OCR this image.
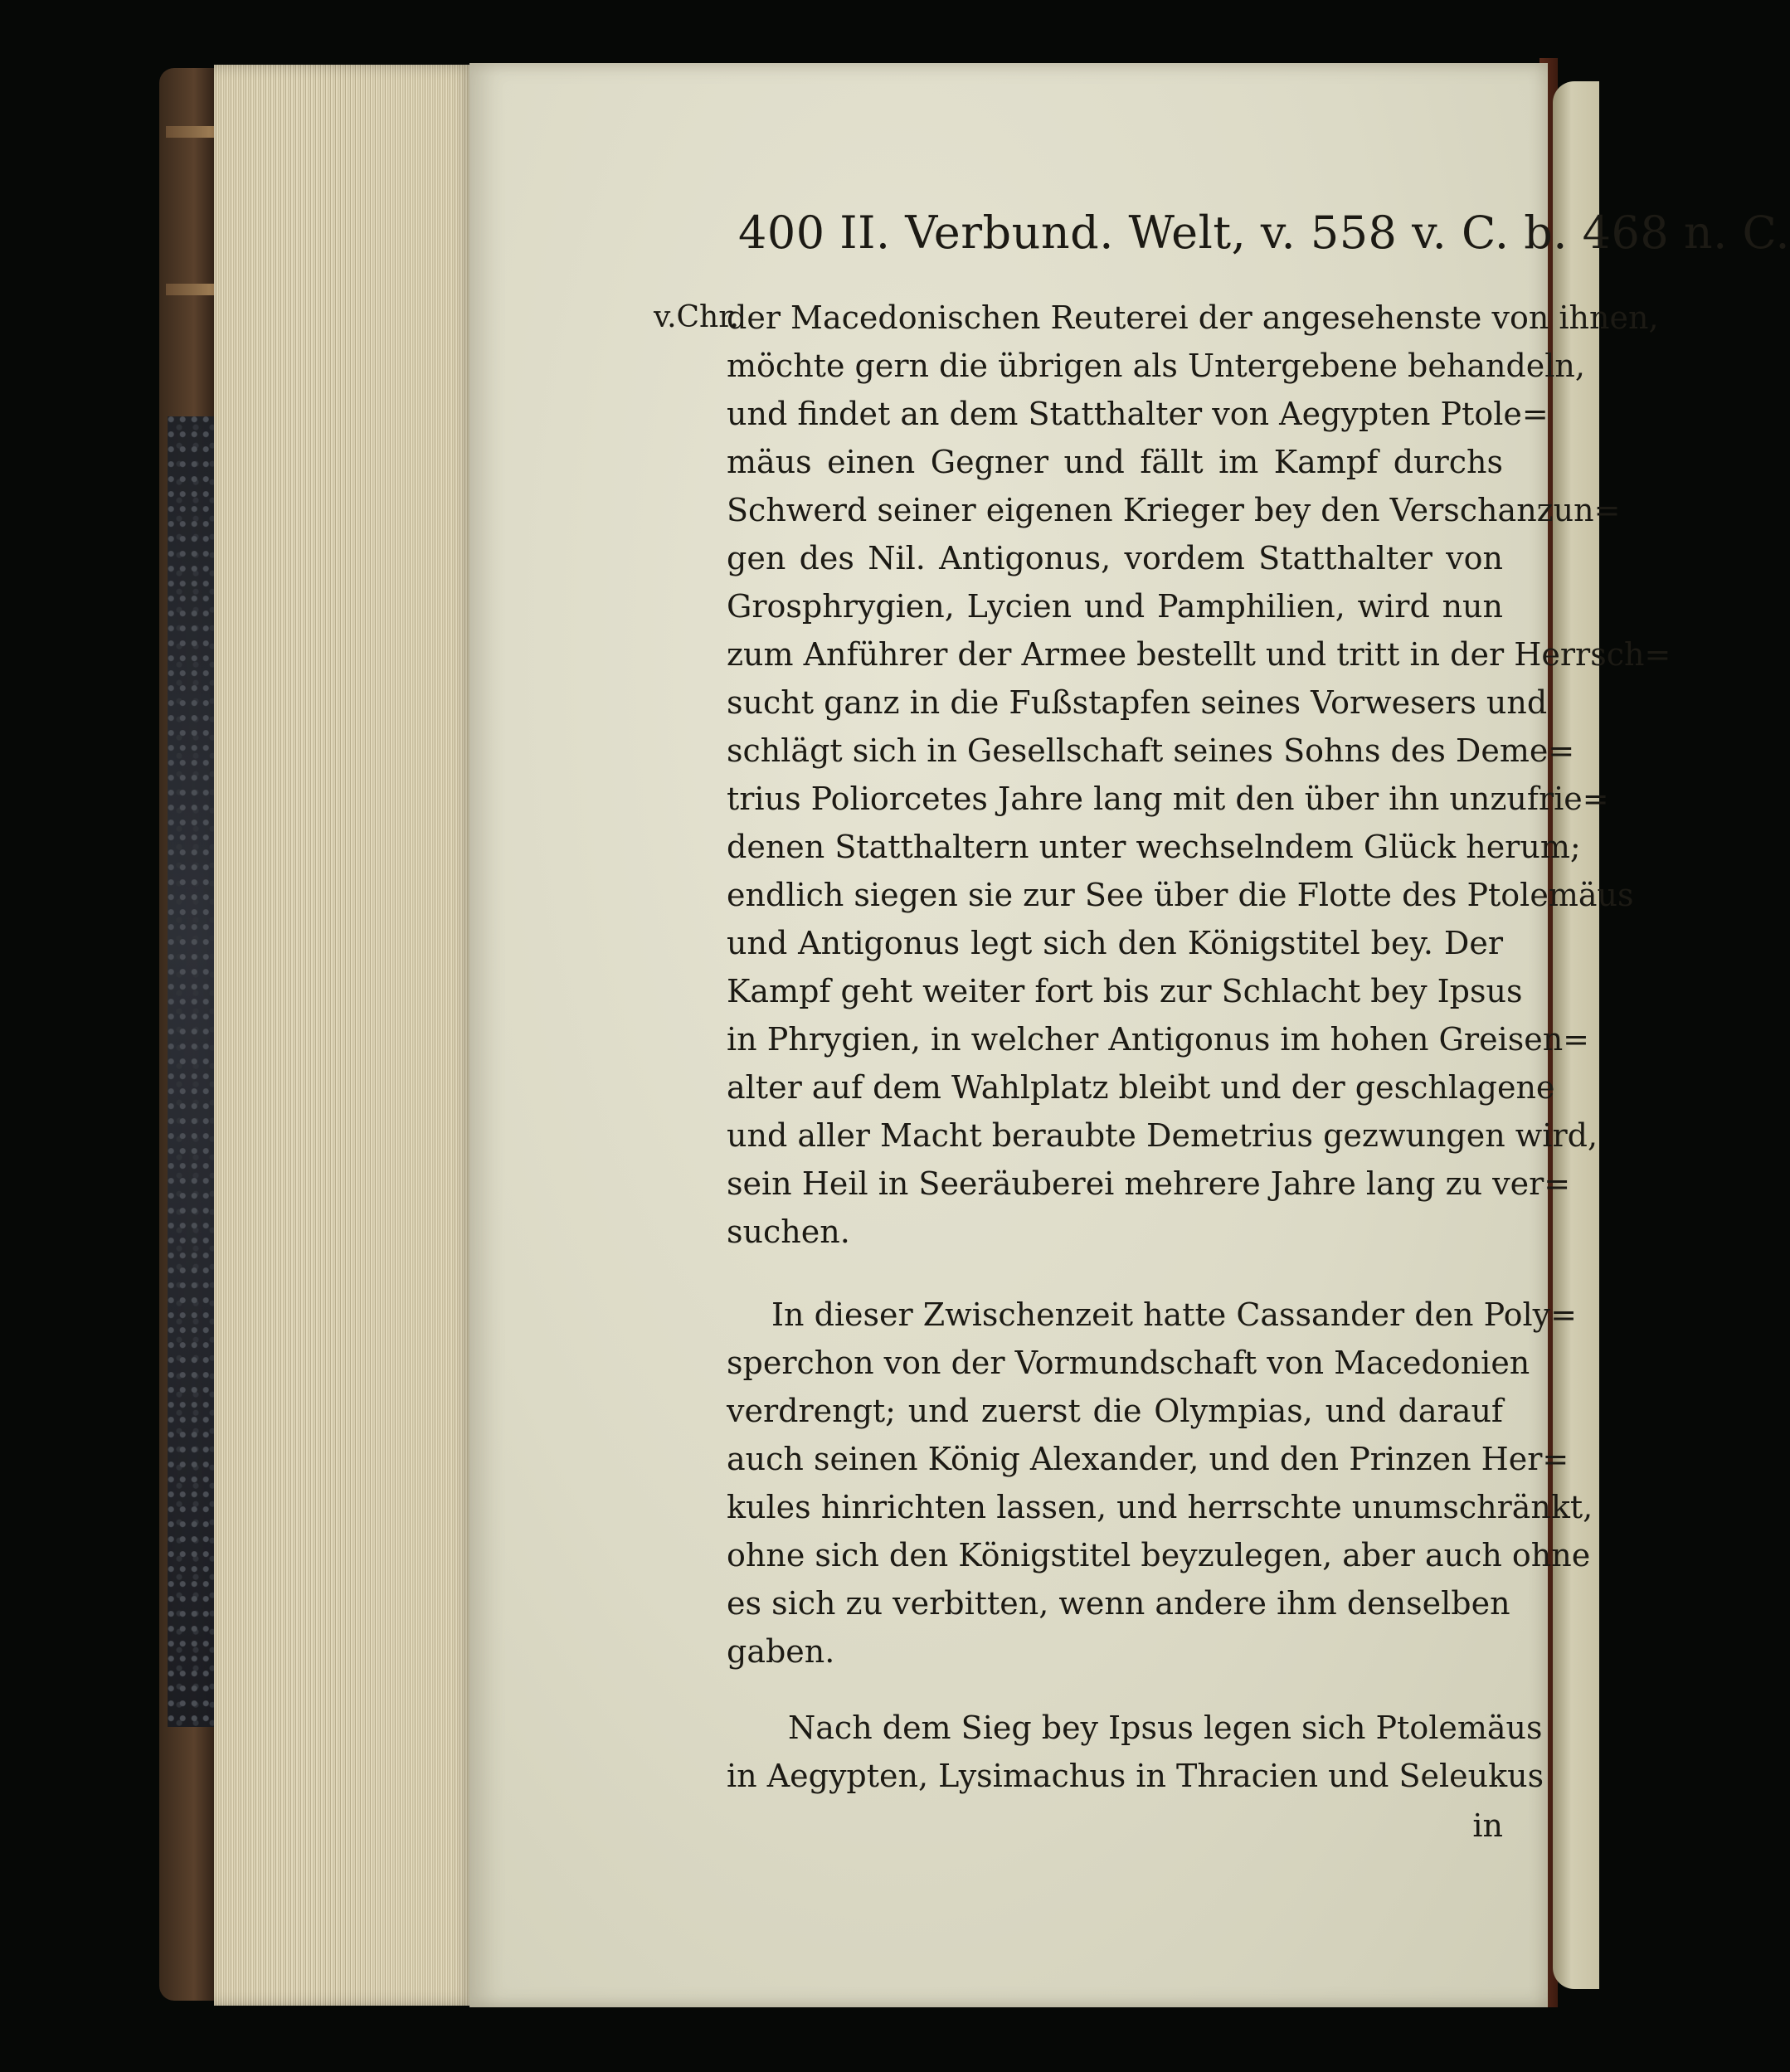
400 II. Verbund. Welt, v. 558 v. C. b. 468 n. C.
v.Chr.
der Macedonischen Reuterei der angesehenste von ihnen,
möchte gern die übrigen als Untergebene behandeln,
und findet an dem Statthalter von Aegypten Ptole=
mäus einen Gegner und fällt im Kampf durchs
Schwerd seiner eigenen Krieger bey den Verschanzun=
gen des Nil. Antigonus, vordem Statthalter von
Grosphrygien, Lycien und Pamphilien, wird nun
zum Anführer der Armee bestellt und tritt in der Herrsch=
sucht ganz in die Fußstapfen seines Vorwesers und
schlägt sich in Gesellschaft seines Sohns des Deme=
trius Poliorcetes Jahre lang mit den über ihn unzufrie=
denen Statthaltern unter wechselndem Glück herum;
endlich siegen sie zur See über die Flotte des Ptolemäus
und Antigonus legt sich den Königstitel bey. Der
Kampf geht weiter fort bis zur Schlacht bey Ipsus
in Phrygien, in welcher Antigonus im hohen Greisen=
alter auf dem Wahlplatz bleibt und der geschlagene
und aller Macht beraubte Demetrius gezwungen wird,
sein Heil in Seeräuberei mehrere Jahre lang zu ver=
suchen.
In dieser Zwischenzeit hatte Cassander den Poly=
sperchon von der Vormundschaft von Macedonien
verdrengt; und zuerst die Olympias, und darauf
auch seinen König Alexander, und den Prinzen Her=
kules hinrichten lassen, und herrschte unumschränkt,
ohne sich den Königstitel beyzulegen, aber auch ohne
es sich zu verbitten, wenn andere ihm denselben
gaben.
Nach dem Sieg bey Ipsus legen sich Ptolemäus
in Aegypten, Lysimachus in Thracien und Seleukus
in
